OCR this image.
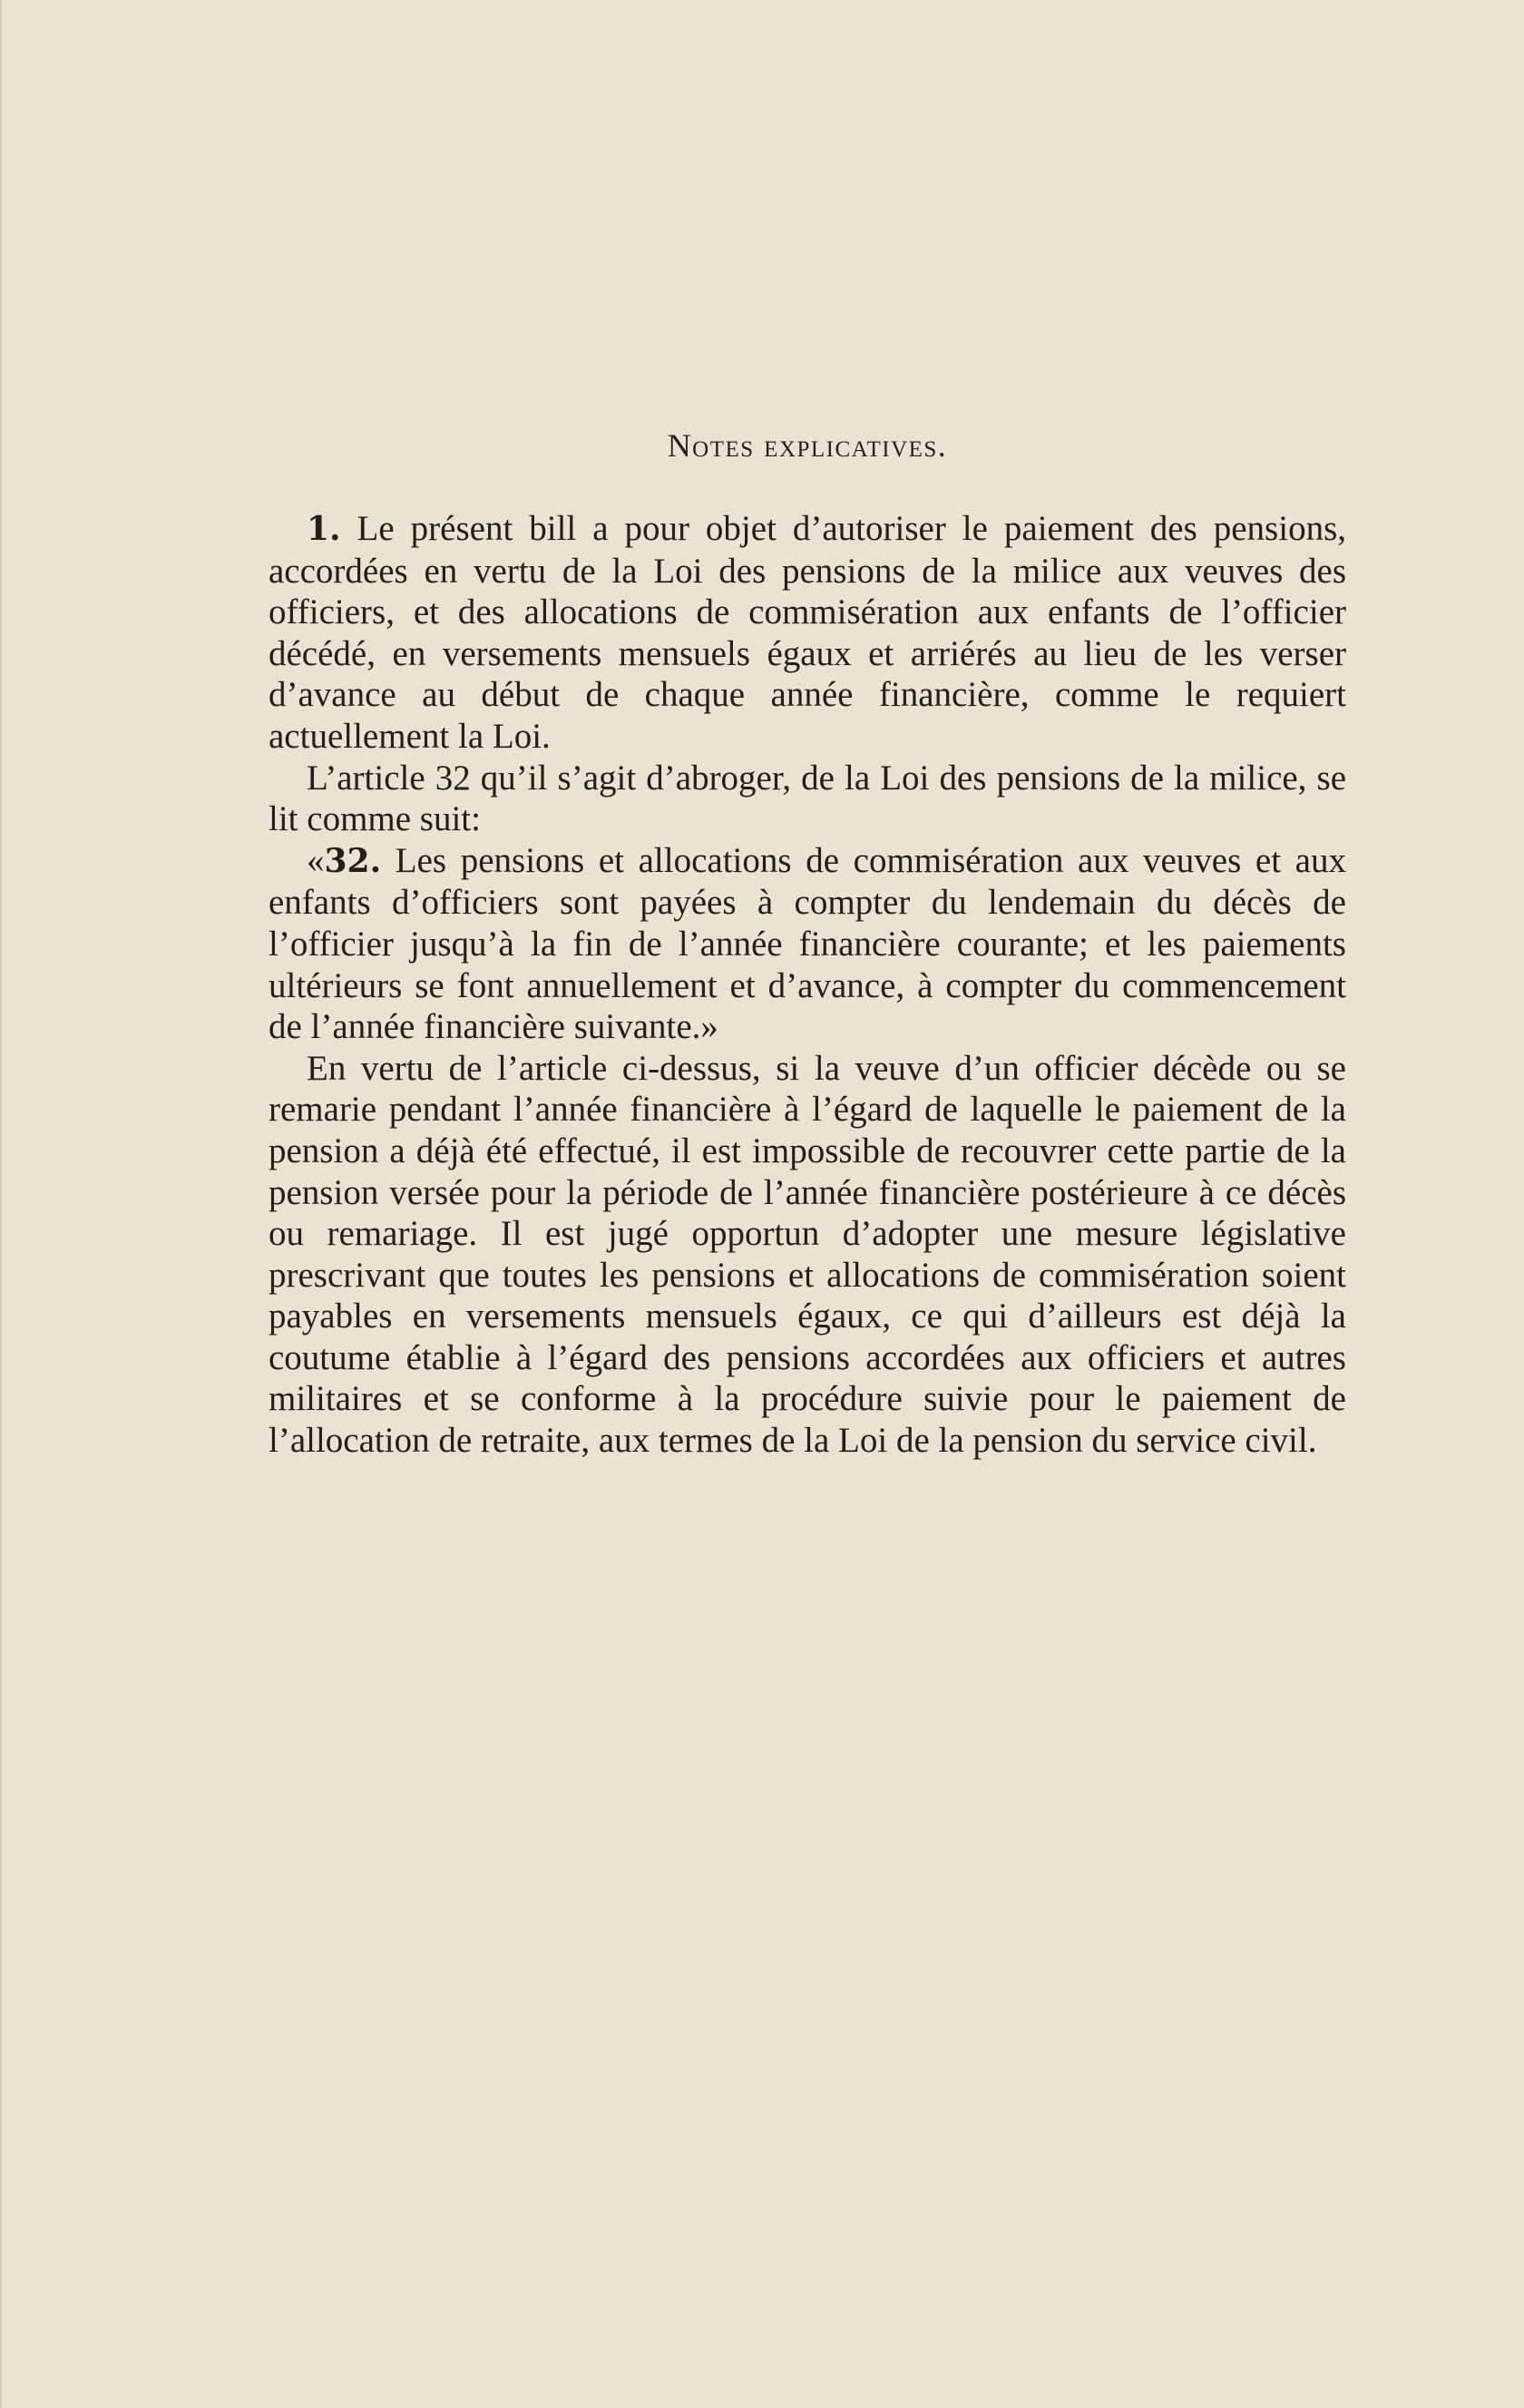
Notes explicatives.

1. Le présent bill a pour objet d’autoriser le paiement des pensions, accordées en vertu de la Loi des pensions de la milice aux veuves des officiers, et des allocations de commisération aux enfants de l’officier décédé, en versements mensuels égaux et arriérés au lieu de les verser d’avance au début de chaque année financière, comme le requiert actuellement la Loi.

L’article 32 qu’il s’agit d’abroger, de la Loi des pensions de la milice, se lit comme suit:

«32. Les pensions et allocations de commisération aux veuves et aux enfants d’officiers sont payées à compter du lendemain du décès de l’officier jusqu’à la fin de l’année financière courante; et les paiements ultérieurs se font annuellement et d’avance, à compter du commencement de l’année financière suivante.»

En vertu de l’article ci-dessus, si la veuve d’un officier décède ou se remarie pendant l’année financière à l’égard de laquelle le paiement de la pension a déjà été effectué, il est impossible de recouvrer cette partie de la pension versée pour la période de l’année financière postérieure à ce décès ou remariage. Il est jugé opportun d’adopter une mesure législative prescrivant que toutes les pensions et allocations de commisération soient payables en versements mensuels égaux, ce qui d’ailleurs est déjà la coutume établie à l’égard des pensions accordées aux officiers et autres militaires et se conforme à la procédure suivie pour le paiement de l’allocation de retraite, aux termes de la Loi de la pension du service civil.
